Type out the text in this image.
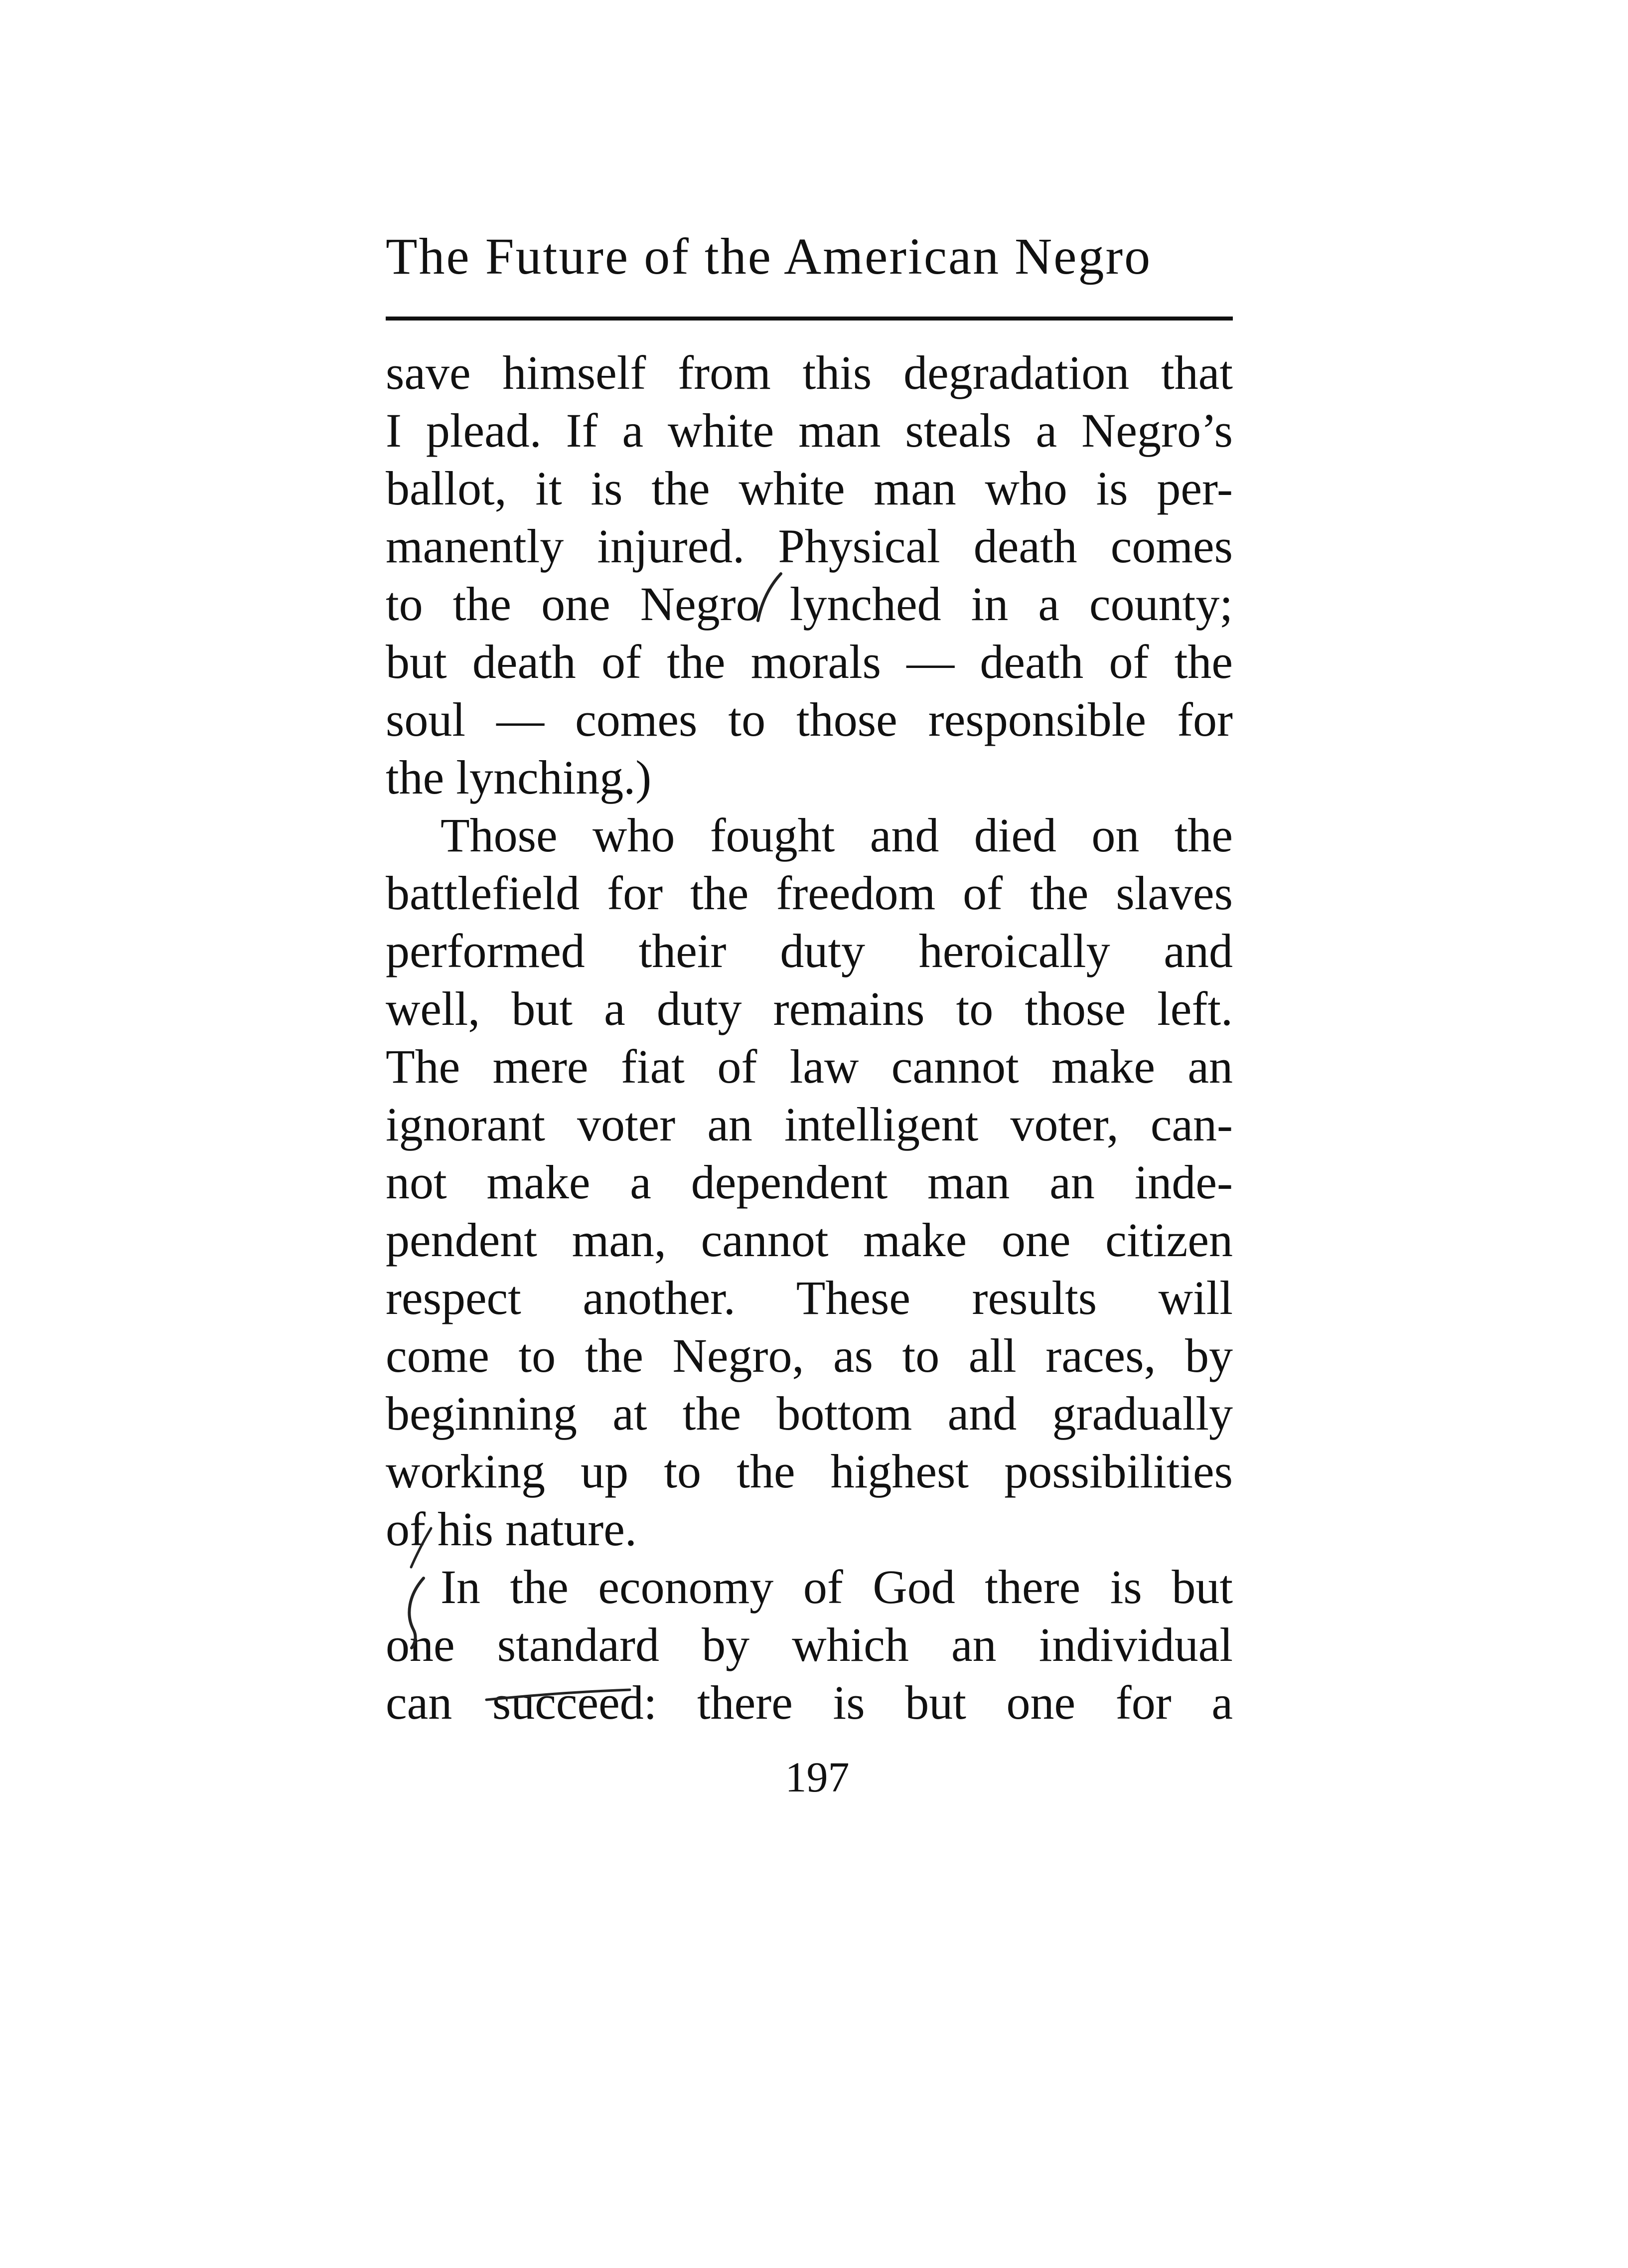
The Future of the American Negro
save himself from this degradation that
I plead. If a white man steals a Negro’s
ballot, it is the white man who is per-
manently injured. Physical death comes
to the one Negro lynched in a county;
but death of the morals — death of the
soul — comes to those responsible for
the lynching.)
Those who fought and died on the
battlefield for the freedom of the slaves
performed their duty heroically and
well, but a duty remains to those left.
The mere fiat of law cannot make an
ignorant voter an intelligent voter, can-
not make a dependent man an inde-
pendent man, cannot make one citizen
respect another. These results will
come to the Negro, as to all races, by
beginning at the bottom and gradually
working up to the highest possibilities
of his nature.
In the economy of God there is but
one standard by which an individual
can succeed: there is but one for a
197
